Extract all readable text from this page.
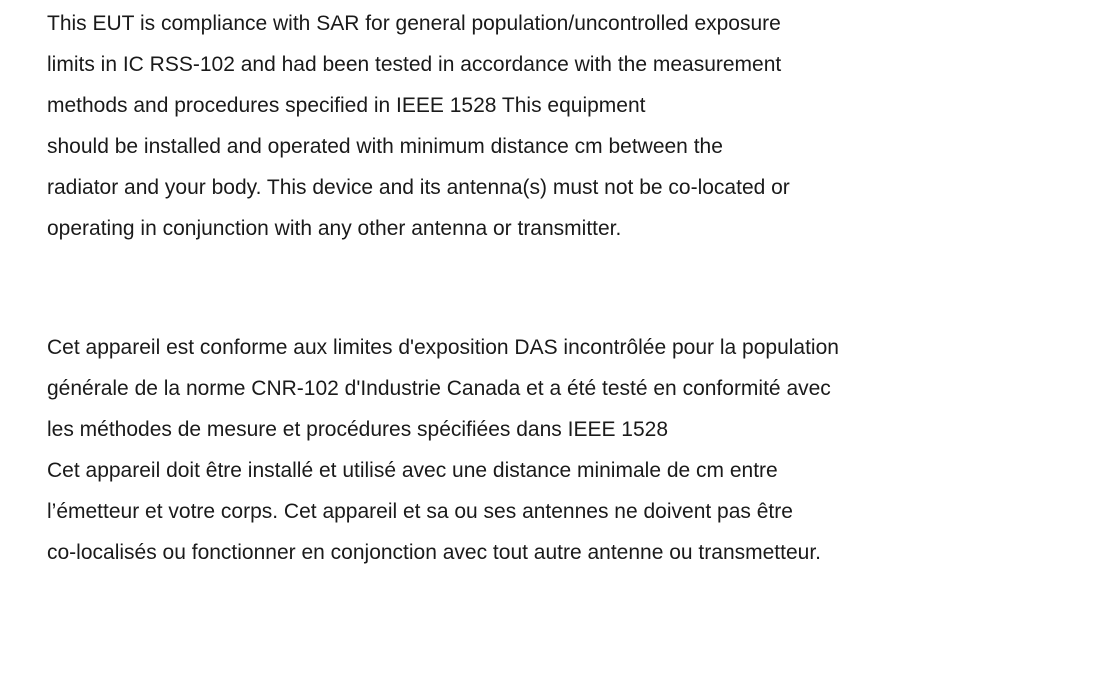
This EUT is compliance with SAR for general population/uncontrolled exposure
limits in IC RSS-102 and had been tested in accordance with the measurement
methods and procedures specified in IEEE 1528 This equipment
should be installed and operated with minimum distance cm between the
radiator and your body. This device and its antenna(s) must not be co-located or
operating in conjunction with any other antenna or transmitter.
Cet appareil est conforme aux limites d'exposition DAS incontrôlée pour la population
générale de la norme CNR-102 d'Industrie Canada et a été testé en conformité avec
les méthodes de mesure et procédures spécifiées dans IEEE 1528
Cet appareil doit être installé et utilisé avec une distance minimale de cm entre
l’émetteur et votre corps. Cet appareil et sa ou ses antennes ne doivent pas être
co-localisés ou fonctionner en conjonction avec tout autre antenne ou transmetteur.
